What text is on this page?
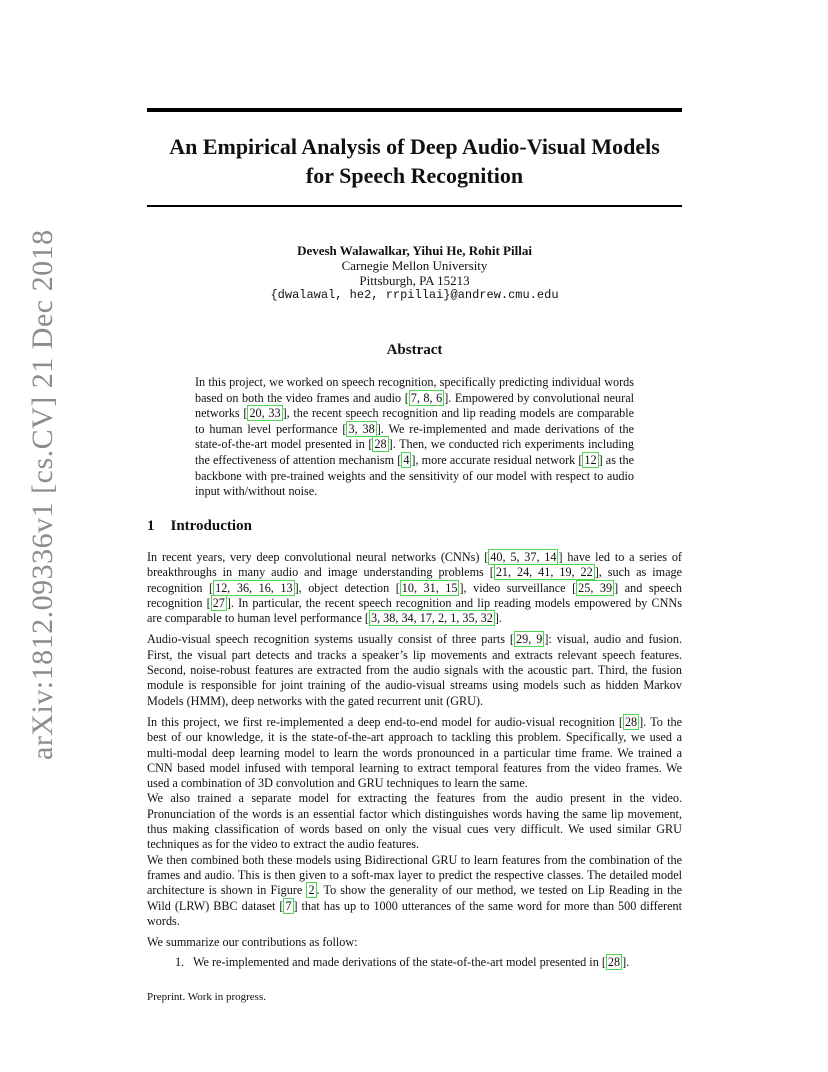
arXiv:1812.09336v1 [cs.CV] 21 Dec 2018
An Empirical Analysis of Deep Audio-Visual Models
for Speech Recognition
Devesh Walawalkar, Yihui He, Rohit Pillai
Carnegie Mellon University
Pittsburgh, PA 15213
{dwalawal, he2, rrpillai}@andrew.cmu.edu
Abstract
In this project, we worked on speech recognition, specifically predicting individual words based on both the video frames and audio [ 7, 8, 6 ]. Empowered by convolutional neural networks [ 20, 33 ], the recent speech recognition and lip reading models are comparable to human level performance [ 3, 38 ]. We re-implemented and made derivations of the state-of-the-art model presented in [ 28 ]. Then, we conducted rich experiments including the effectiveness of attention mechanism [ 4 ], more accurate residual network [ 12 ] as the backbone with pre-trained weights and the sensitivity of our model with respect to audio input with/without noise.
1 Introduction

In recent years, very deep convolutional neural networks (CNNs) [ 40, 5, 37, 14 ] have led to a series of breakthroughs in many audio and image understanding problems [ 21, 24, 41, 19, 22 ], such as image recognition [ 12, 36, 16, 13 ], object detection [ 10, 31, 15 ], video surveillance [ 25, 39 ] and speech recognition [ 27 ]. In particular, the recent speech recognition and lip reading models empowered by CNNs are comparable to human level performance [ 3, 38, 34, 17, 2, 1, 35, 32 ].

Audio-visual speech recognition systems usually consist of three parts [ 29, 9 ]: visual, audio and fusion. First, the visual part detects and tracks a speaker’s lip movements and extracts relevant speech features. Second, noise-robust features are extracted from the audio signals with the acoustic part. Third, the fusion module is responsible for joint training of the audio-visual streams using models such as hidden Markov Models (HMM), deep networks with the gated recurrent unit (GRU).

In this project, we first re-implemented a deep end-to-end model for audio-visual recognition [ 28 ]. To the best of our knowledge, it is the state-of-the-art approach to tackling this problem. Specifically, we used a multi-modal deep learning model to learn the words pronounced in a particular time frame. We trained a CNN based model infused with temporal learning to extract temporal features from the video frames. We used a combination of 3D convolution and GRU techniques to learn the same.

We also trained a separate model for extracting the features from the audio present in the video. Pronunciation of the words is an essential factor which distinguishes words having the same lip movement, thus making classification of words based on only the visual cues very difficult. We used similar GRU techniques as for the video to extract the audio features.

We then combined both these models using Bidirectional GRU to learn features from the combination of the frames and audio. This is then given to a soft-max layer to predict the respective classes. The detailed model architecture is shown in Figure 2 . To show the generality of our method, we tested on Lip Reading in the Wild (LRW) BBC dataset [ 7 ] that has up to 1000 utterances of the same word for more than 500 different words.

We summarize our contributions as follow:

1. We re-implemented and made derivations of the state-of-the-art model presented in [ 28 ].
Preprint. Work in progress.
